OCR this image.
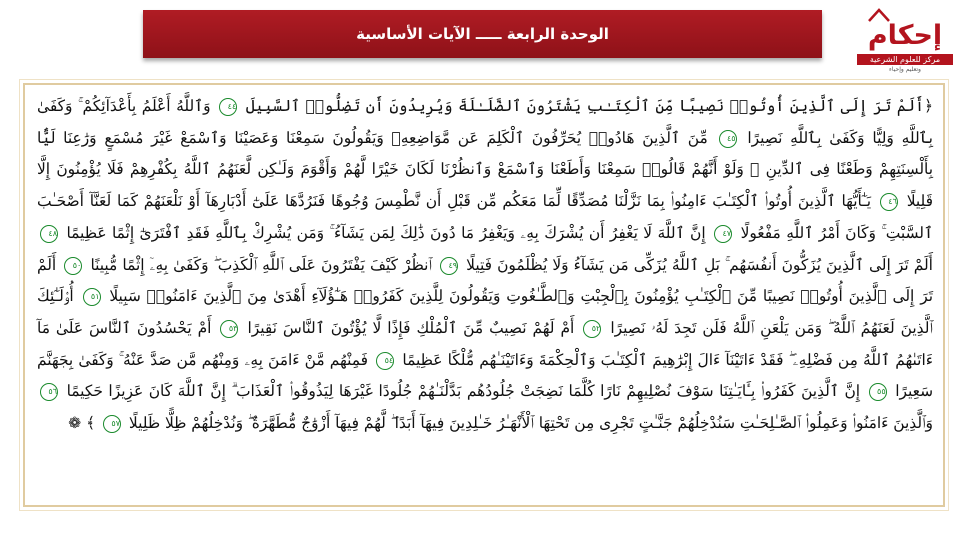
الوحدة الرابعة ـــــ الآيات الأساسية	إحكام
مركز للعلوم الشرعية
وتعليم وإحياء
﴿أَلَمْ تَرَ إِلَى ٱلَّذِينَ أُوتُوا۟ نَصِيبًا مِّنَ ٱلْكِتَـٰبِ يَشْتَرُونَ ٱلضَّلَـٰلَةَ وَيُرِيدُونَ أَن تَضِلُّوا۟ ٱلسَّبِيلَ ٤٤ وَٱللَّهُ أَعْلَمُ بِأَعْدَآئِكُمْ ۚ وَكَفَىٰ بِٱللَّهِ وَلِيًّا وَكَفَىٰ بِٱللَّهِ نَصِيرًا ٤٥ مِّنَ ٱلَّذِينَ هَادُوا۟ يُحَرِّفُونَ ٱلْكَلِمَ عَن مَّوَاضِعِهِۦ وَيَقُولُونَ سَمِعْنَا وَعَصَيْنَا وَٱسْمَعْ غَيْرَ مُسْمَعٍ وَرَٰعِنَا لَيًّۢا بِأَلْسِنَتِهِمْ وَطَعْنًا فِى ٱلدِّينِ ۚ وَلَوْ أَنَّهُمْ قَالُوا۟ سَمِعْنَا وَأَطَعْنَا وَٱسْمَعْ وَٱنظُرْنَا لَكَانَ خَيْرًا لَّهُمْ وَأَقْوَمَ وَلَـٰكِن لَّعَنَهُمُ ٱللَّهُ بِكُفْرِهِمْ فَلَا يُؤْمِنُونَ إِلَّا قَلِيلًا ٤٦ يَـٰٓأَيُّهَا ٱلَّذِينَ أُوتُوا۟ ٱلْكِتَـٰبَ ءَامِنُوا۟ بِمَا نَزَّلْنَا مُصَدِّقًا لِّمَا مَعَكُم مِّن قَبْلِ أَن نَّطْمِسَ وُجُوهًا فَنَرُدَّهَا عَلَىٰٓ أَدْبَارِهَآ أَوْ نَلْعَنَهُمْ كَمَا لَعَنَّآ أَصْحَـٰبَ ٱلسَّبْتِ ۚ وَكَانَ أَمْرُ ٱللَّهِ مَفْعُولًا ٤٧ إِنَّ ٱللَّهَ لَا يَغْفِرُ أَن يُشْرَكَ بِهِۦ وَيَغْفِرُ مَا دُونَ ذَٰلِكَ لِمَن يَشَآءُ ۚ وَمَن يُشْرِكْ بِٱللَّهِ فَقَدِ ٱفْتَرَىٰٓ إِثْمًا عَظِيمًا ٤٨ أَلَمْ تَرَ إِلَى ٱلَّذِينَ يُزَكُّونَ أَنفُسَهُم ۚ بَلِ ٱللَّهُ يُزَكِّى مَن يَشَآءُ وَلَا يُظْلَمُونَ فَتِيلًا ٤٩ ٱنظُرْ كَيْفَ يَفْتَرُونَ عَلَى ٱللَّهِ ٱلْكَذِبَ ۖ وَكَفَىٰ بِهِۦٓ إِثْمًا مُّبِينًا ٥٠ أَلَمْ تَرَ إِلَى ٱلَّذِينَ أُوتُوا۟ نَصِيبًا مِّنَ ٱلْكِتَـٰبِ يُؤْمِنُونَ بِٱلْجِبْتِ وَٱلطَّـٰغُوتِ وَيَقُولُونَ لِلَّذِينَ كَفَرُوا۟ هَـٰٓؤُلَآءِ أَهْدَىٰ مِنَ ٱلَّذِينَ ءَامَنُوا۟ سَبِيلًا ٥١ أُو۟لَـٰٓئِكَ ٱلَّذِينَ لَعَنَهُمُ ٱللَّهُ ۖ وَمَن يَلْعَنِ ٱللَّهُ فَلَن تَجِدَ لَهُۥ نَصِيرًا ٥٢ أَمْ لَهُمْ نَصِيبٌ مِّنَ ٱلْمُلْكِ فَإِذًا لَّا يُؤْتُونَ ٱلنَّاسَ نَقِيرًا ٥٣ أَمْ يَحْسُدُونَ ٱلنَّاسَ عَلَىٰ مَآ ءَاتَىٰهُمُ ٱللَّهُ مِن فَضْلِهِۦ ۖ فَقَدْ ءَاتَيْنَآ ءَالَ إِبْرَٰهِيمَ ٱلْكِتَـٰبَ وَٱلْحِكْمَةَ وَءَاتَيْنَـٰهُم مُّلْكًا عَظِيمًا ٥٤ فَمِنْهُم مَّنْ ءَامَنَ بِهِۦ وَمِنْهُم مَّن صَدَّ عَنْهُ ۚ وَكَفَىٰ بِجَهَنَّمَ سَعِيرًا ٥٥ إِنَّ ٱلَّذِينَ كَفَرُوا۟ بِـَٔايَـٰتِنَا سَوْفَ نُصْلِيهِمْ نَارًا كُلَّمَا نَضِجَتْ جُلُودُهُم بَدَّلْنَـٰهُمْ جُلُودًا غَيْرَهَا لِيَذُوقُوا۟ ٱلْعَذَابَ ۗ إِنَّ ٱللَّهَ كَانَ عَزِيزًا حَكِيمًا ٥٦ وَٱلَّذِينَ ءَامَنُوا۟ وَعَمِلُوا۟ ٱلصَّـٰلِحَـٰتِ سَنُدْخِلُهُمْ جَنَّـٰتٍ تَجْرِى مِن تَحْتِهَا ٱلْأَنْهَـٰرُ خَـٰلِدِينَ فِيهَآ أَبَدًا ۖ لَّهُمْ فِيهَآ أَزْوَٰجٌ مُّطَهَّرَةٌ ۖ وَنُدْخِلُهُمْ ظِلًّا ظَلِيلًا ٥٧ ﴾ ❁
